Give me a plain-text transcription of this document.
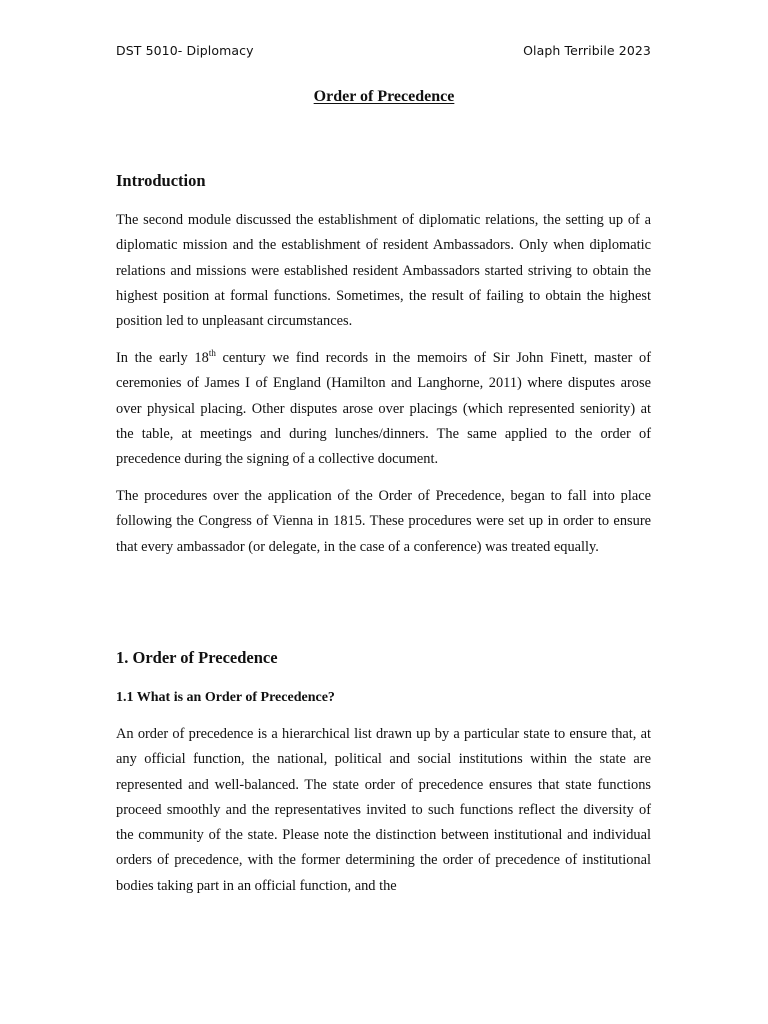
DST 5010- Diplomacy	Olaph Terribile 2023
Order of Precedence
Introduction

The second module discussed the establishment of diplomatic relations, the setting up of a diplomatic mission and the establishment of resident Ambassadors. Only when diplomatic relations and missions were established resident Ambassadors started striving to obtain the highest position at formal functions. Sometimes, the result of failing to obtain the highest position led to unpleasant circumstances.

In the early 18th century we find records in the memoirs of Sir John Finett, master of ceremonies of James I of England (Hamilton and Langhorne, 2011) where disputes arose over physical placing. Other disputes arose over placings (which represented seniority) at the table, at meetings and during lunches/dinners. The same applied to the order of precedence during the signing of a collective document.

The procedures over the application of the Order of Precedence, began to fall into place following the Congress of Vienna in 1815. These procedures were set up in order to ensure that every ambassador (or delegate, in the case of a conference) was treated equally.

1. Order of Precedence
1.1 What is an Order of Precedence?

An order of precedence is a hierarchical list drawn up by a particular state to ensure that, at any official function, the national, political and social institutions within the state are represented and well-balanced. The state order of precedence ensures that state functions proceed smoothly and the representatives invited to such functions reflect the diversity of the community of the state. Please note the distinction between institutional and individual orders of precedence, with the former determining the order of precedence of institutional bodies taking part in an official function, and the
